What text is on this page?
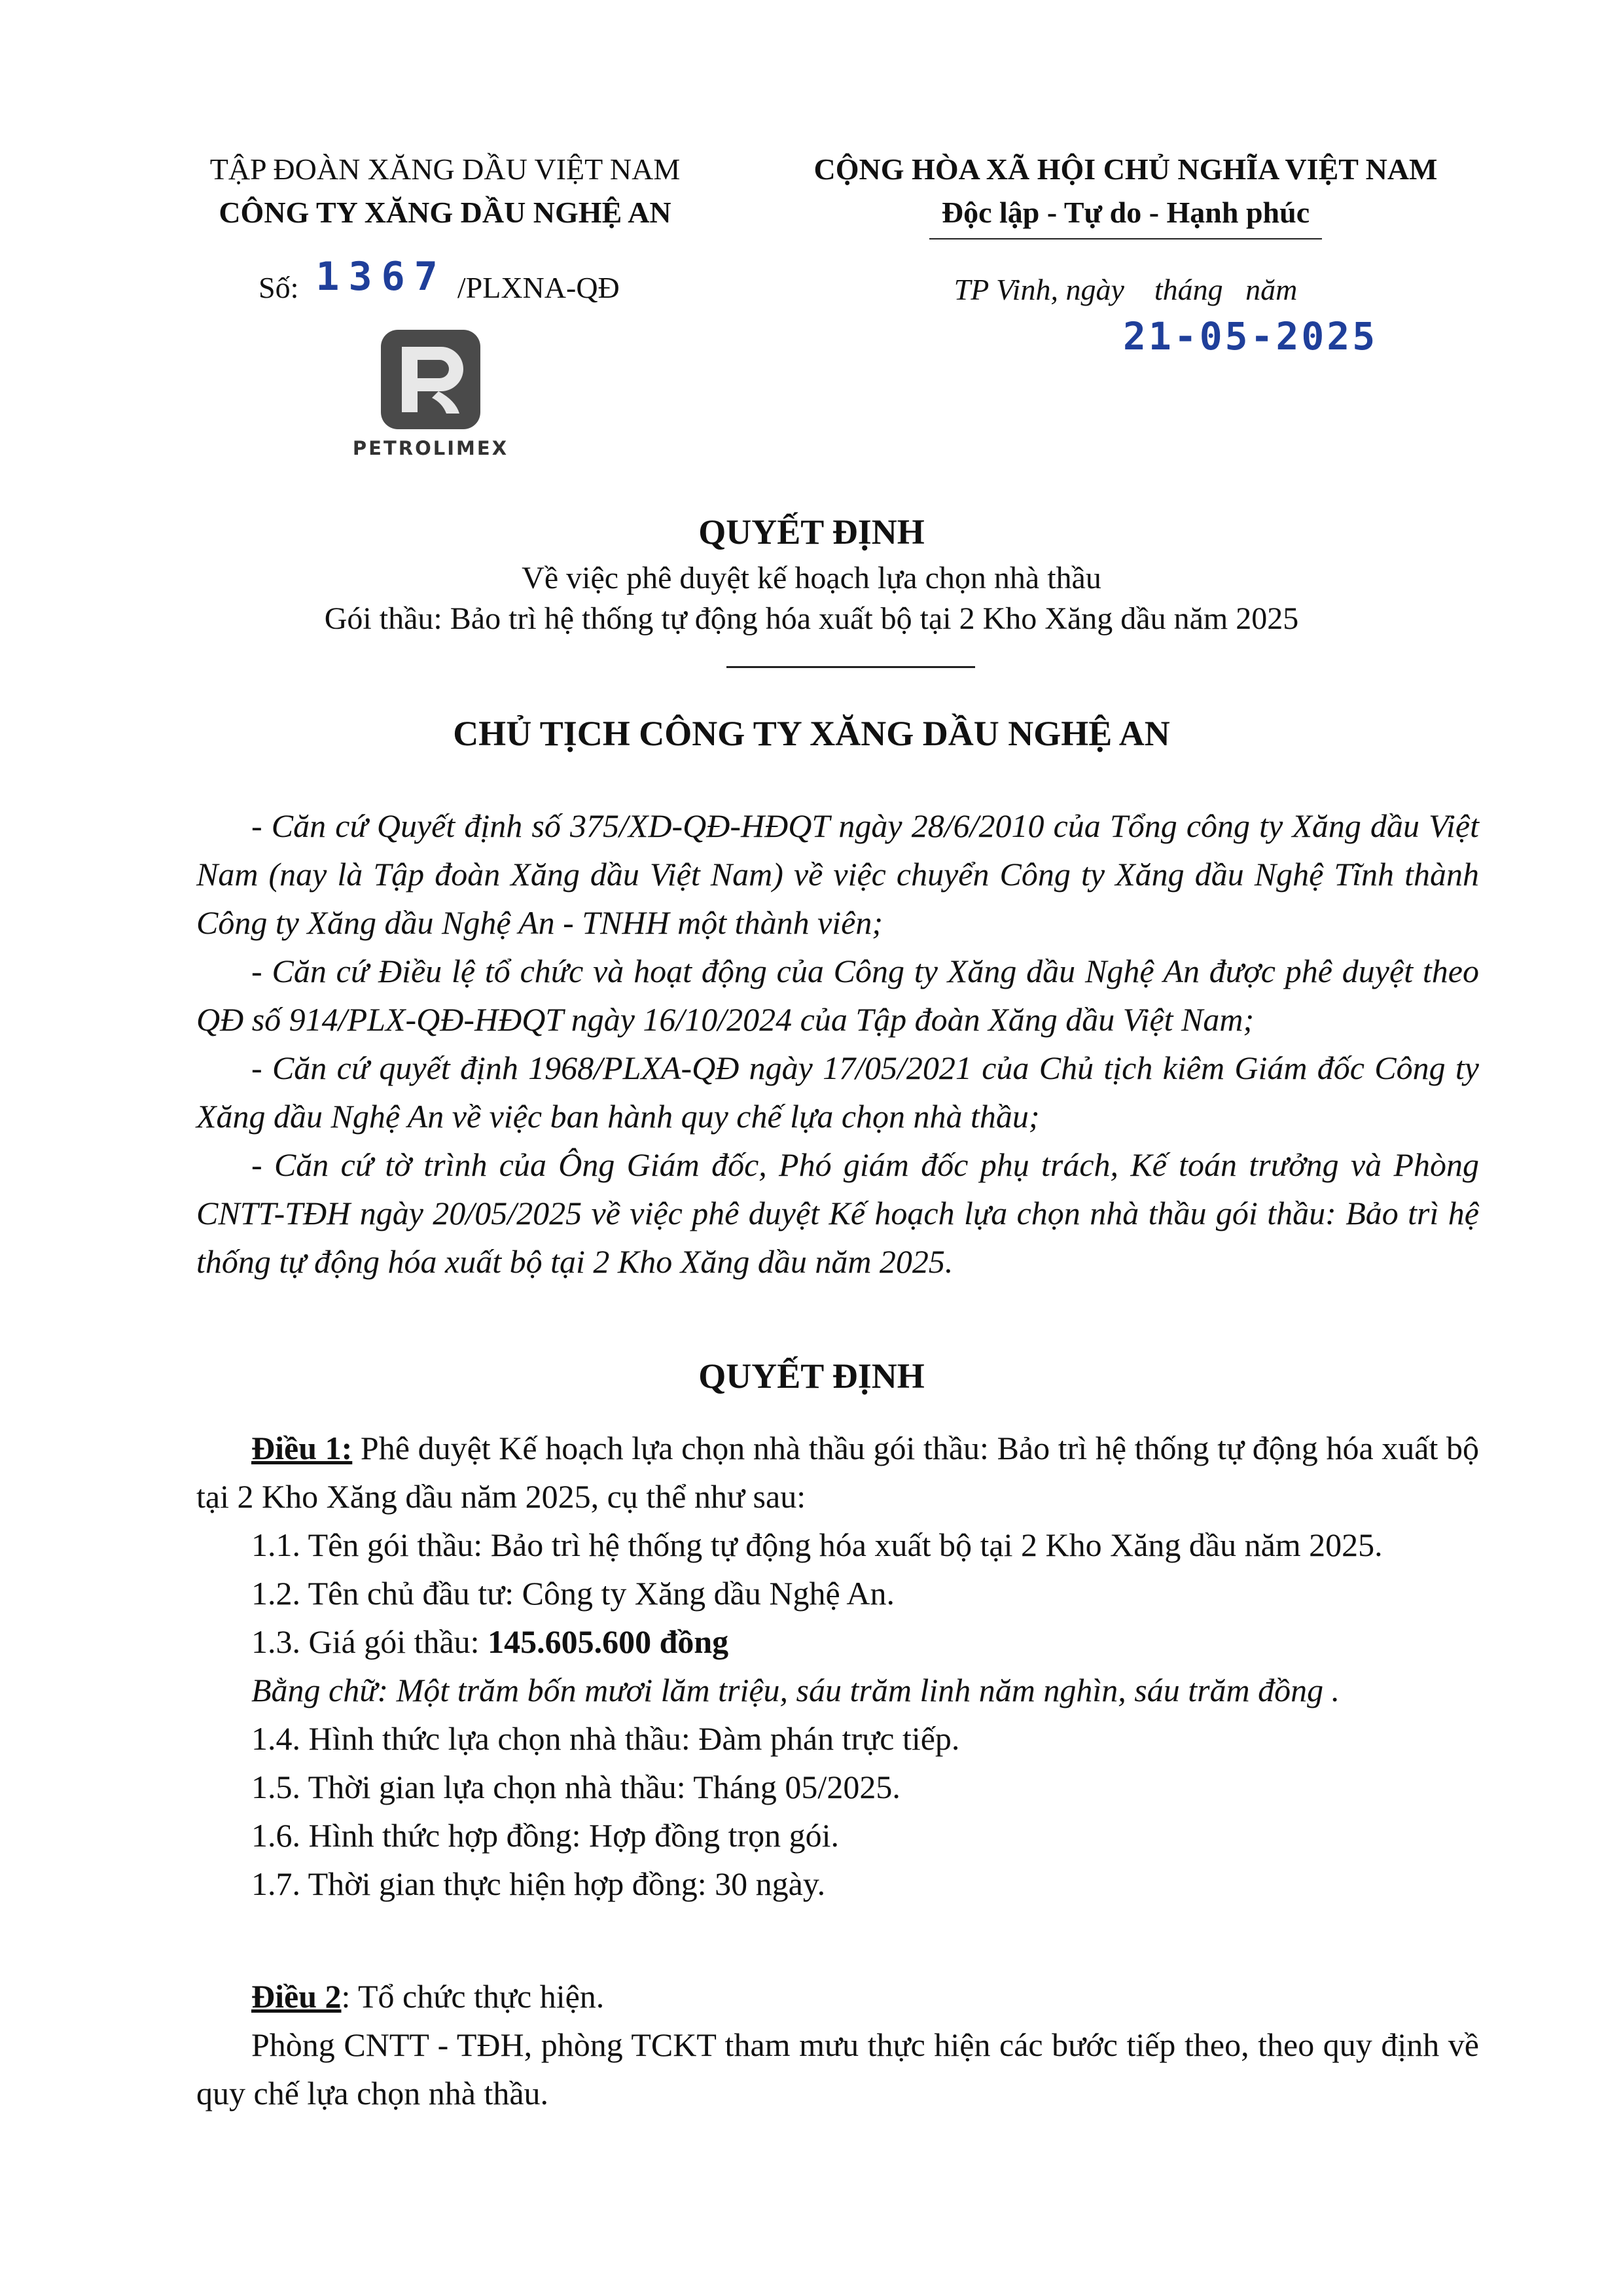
TẬP ĐOÀN XĂNG DẦU VIỆT NAM
CÔNG TY XĂNG DẦU NGHỆ AN
Số: 1367 /PLXNA-QĐ
PETROLIMEX
CỘNG HÒA XÃ HỘI CHỦ NGHĨA VIỆT NAM
Độc lập - Tự do - Hạnh phúc
TP Vinh, ngày    tháng   năm
21-05-2025
QUYẾT ĐỊNH
Về việc phê duyệt kế hoạch lựa chọn nhà thầu
Gói thầu: Bảo trì hệ thống tự động hóa xuất bộ tại 2 Kho Xăng dầu năm 2025
CHỦ TỊCH CÔNG TY XĂNG DẦU NGHỆ AN
- Căn cứ Quyết định số 375/XD-QĐ-HĐQT ngày 28/6/2010 của Tổng công ty Xăng dầu Việt Nam (nay là Tập đoàn Xăng dầu Việt Nam) về việc chuyển Công ty Xăng dầu Nghệ Tĩnh thành Công ty Xăng dầu Nghệ An - TNHH một thành viên;
- Căn cứ Điều lệ tổ chức và hoạt động của Công ty Xăng dầu Nghệ An được phê duyệt theo QĐ số 914/PLX-QĐ-HĐQT ngày 16/10/2024 của Tập đoàn Xăng dầu Việt Nam;
- Căn cứ quyết định 1968/PLXA-QĐ ngày 17/05/2021 của Chủ tịch kiêm Giám đốc Công ty Xăng dầu Nghệ An về việc ban hành quy chế lựa chọn nhà thầu;
- Căn cứ tờ trình của Ông Giám đốc, Phó giám đốc phụ trách, Kế toán trưởng và Phòng CNTT-TĐH ngày 20/05/2025 về việc phê duyệt Kế hoạch lựa chọn nhà thầu gói thầu: Bảo trì hệ thống tự động hóa xuất bộ tại 2 Kho Xăng dầu năm 2025.
QUYẾT ĐỊNH
Điều 1: Phê duyệt Kế hoạch lựa chọn nhà thầu gói thầu: Bảo trì hệ thống tự động hóa xuất bộ tại 2 Kho Xăng dầu năm 2025, cụ thể như sau:
1.1. Tên gói thầu: Bảo trì hệ thống tự động hóa xuất bộ tại 2 Kho Xăng dầu năm 2025.
1.2. Tên chủ đầu tư: Công ty Xăng dầu Nghệ An.
1.3. Giá gói thầu: 145.605.600 đồng
Bằng chữ: Một trăm bốn mươi lăm triệu, sáu trăm linh năm nghìn, sáu trăm đồng .
1.4. Hình thức lựa chọn nhà thầu: Đàm phán trực tiếp.
1.5. Thời gian lựa chọn nhà thầu: Tháng 05/2025.
1.6. Hình thức hợp đồng: Hợp đồng trọn gói.
1.7. Thời gian thực hiện hợp đồng: 30 ngày.
Điều 2: Tổ chức thực hiện.
Phòng CNTT - TĐH, phòng TCKT tham mưu thực hiện các bước tiếp theo, theo quy định về quy chế lựa chọn nhà thầu.
